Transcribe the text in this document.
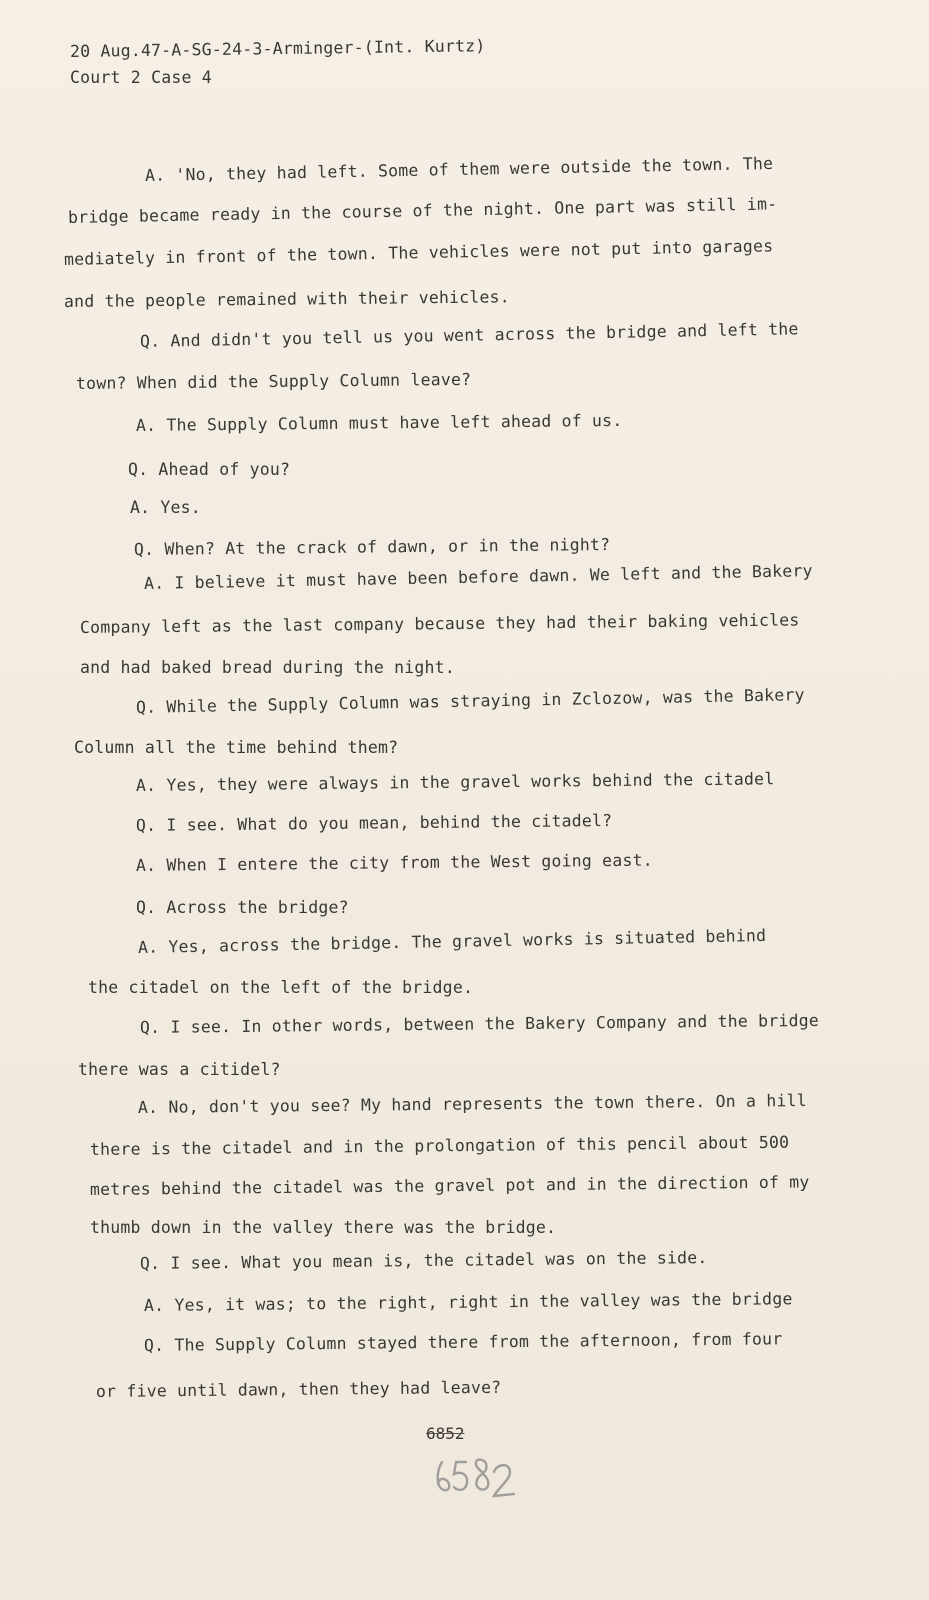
20 Aug.47-A-SG-24-3-Arminger-(Int. Kurtz)
Court 2 Case 4
A. 'No, they had left. Some of them were outside the town. The
bridge became ready in the course of the night. One part was still im-
mediately in front of the town. The vehicles were not put into garages
and the people remained with their vehicles.
Q. And didn't you tell us you went across the bridge and left the
town? When did the Supply Column leave?
A. The Supply Column must have left ahead of us.
Q. Ahead of you?
A. Yes.
Q. When? At the crack of dawn, or in the night?
A. I believe it must have been before dawn. We left and the Bakery
Company left as the last company because they had their baking vehicles
and had baked bread during the night.
Q. While the Supply Column was straying in Zclozow, was the Bakery
Column all the time behind them?
A. Yes, they were always in the gravel works behind the citadel
Q. I see. What do you mean, behind the citadel?
A. When I entere the city from the West going east.
Q. Across the bridge?
A. Yes, across the bridge. The gravel works is situated behind
the citadel on the left of the bridge.
Q. I see. In other words, between the Bakery Company and the bridge
there was a citidel?
A. No, don't you see? My hand represents the town there. On a hill
there is the citadel and in the prolongation of this pencil about 500
metres behind the citadel was the gravel pot and in the direction of my
thumb down in the valley there was the bridge.
Q. I see. What you mean is, the citadel was on the side.
A. Yes, it was; to the right, right in the valley was the bridge
Q. The Supply Column stayed there from the afternoon, from four
or five until dawn, then they had leave?
6852
